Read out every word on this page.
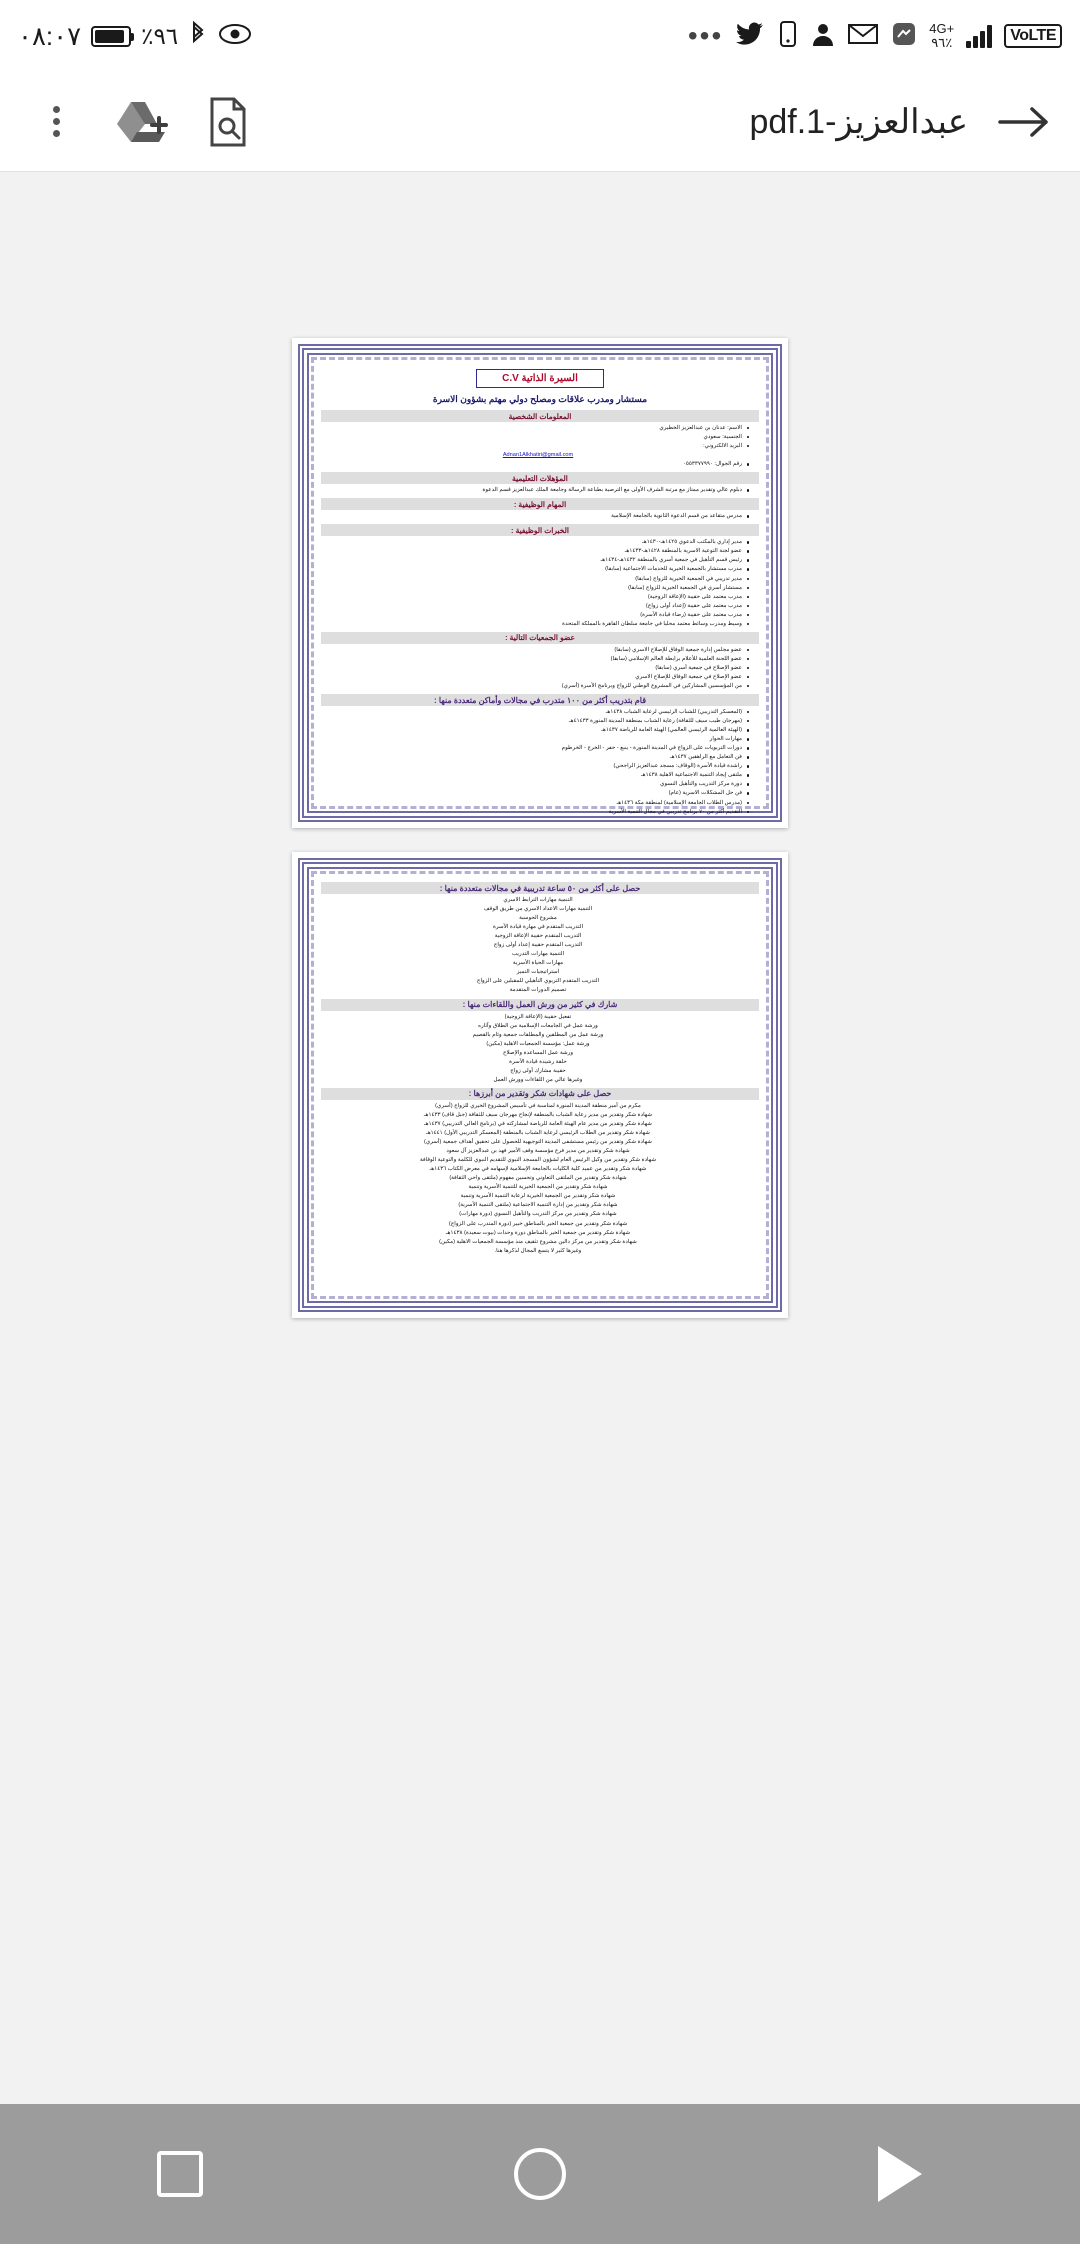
٠٨:٠٧	٪٩٦	•••	4G+
٩٦٪	VoLTE
عبدالعزيز-1.pdf
السيرة الذاتية C.V
مستشار ومدرب علاقات ومصلح دولي مهتم بشؤون الاسرة
المعلومات الشخصية
الاسم: عدنان بن عبدالعزيز الخطيري
الجنسية: سعودي
البريد الالكتروني:
Adnan1Alkhatiri@gmail.com
رقم الجوال: ٠٥٥٣٣٧٧٩٩٠
المؤهلات التعليمية
دبلوم عالي وتقدير ممتاز مع مرتبة الشرف الأولى مع الترصية بطباعة الرسالة وجامعة الملك عبدالعزيز قسم الدعوة
المهام الوظيفية :
مدرس متقاعد من قسم الدعوة الثانوية بالجامعة الإسلامية
الخبرات الوظيفية :
مدير إداري بالمكتب الدعوي ١٤٢٥هـ-١٤٣٠هـ
عضو لجنة التوعية الاسرية بالمنطقة ١٤٢٨هـ-١٤٣٣هـ
رئيس قسم التأهيل في جمعية أسري بالمنطقة ١٤٣٢هـ-١٤٣٤هـ
مدرب مستشار بالجمعية الخيرية للخدمات الاجتماعية (سابقا)
مدير تدريبي في الجمعية الخيرية للزواج (سابقا)
مستشار أسري في الجمعية الخيرية للزواج (سابقا)
مدرب معتمد على حقيبة (الإعاقة الزوجية)
مدرب معتمد على حقيبة (إعداد أولى زواج)
مدرب معتمد على حقيبة (رضاء قيادة الأسرة)
وسيط ومدرب وسائط معتمد محليا في جامعة سلطان القاهرة بالمملكة المتحدة
عضو الجمعيات التالية :
عضو مجلس إدارة جمعية الوفاق للإصلاح الاسري (سابقا)
عضو اللجنة العلمية للأعلام برابطة العالم الإسلامي (سابقا)
عضو الإصلاح في جمعية أسري (سابقا)
عضو الإصلاح في جمعية الوفاق للإصلاح الاسري
من المؤسسين المشاركين في المشروع الوطني للزواج وبرنامج الأسرة (أسري)
قام بتدريب أكثر من ١٠٠ متدرب في مجالات وأماكن متعددة منها :
(المعسكر التدريبي) للشباب الرئيسي لرعاية الشباب ١٤٣٨هـ
(مهرجان طيب سيف للثقافة) رعاية الشباب بمنطقة المدينة المنورة ٤١٤٣٣هـ
(الهيئة العالمية الرئيسي العالمي) الهيئة العامة للرياضة ١٤٣٧هـ
مهارات الحوار
دورات التربويات على الزواج في المدينة المنورة - ينبع - حفر - الخرج - الخرطوم
فن التعامل مع الراهقين ١٤٣٧هـ
راشدة قيادة الأسرة (الوقاف: مسجد عبدالعزيز الراجحي)
ملتقى إيجاد التنمية الاجتماعية الاهلية ١٤٣٨هـ
دورة مركز التدريب والتأهيل النسوي
فن حل المشكلات الاسرية (عام)
(مدرس الطلاب الجامعة الإسلامية) لمنطقة مكة ١٤٣٦هـ
التقديم أكثر من ٧٠ برنامج تدريبي في مجال التنمية الأسرية
حصل على أكثر من ٥٠ ساعة تدريبية في مجالات متعددة منها :
التنمية مهارات الترابط الاسري
التنمية مهارات الاعداد الاسري من طريق الوقف
مشروع الحوسبة
التدريب المتقدم في مهارة قيادة الأسرة
التدريب المتقدم حقيبة الإعاقة الزوجية
التدريب المتقدم حقيبة إعداد أولى زواج
التنمية مهارات التدريب
مهارات الحياة الأسرية
استراتيجيات التميز
التدريب المتقدم التربوي التأهيلي للمقبلين على الزواج
تصميم الدورات المتقدمة
شارك في كثير من ورش العمل واللقاءات منها :
تفعيل حقيبة (الإعاقة الزوجية)
ورشة عمل في الجامعات الإسلامية من الطلاق وآثاره
ورشة عمل من المطلقين والمطلقات جمعية وئام بالقصيم
ورشة عمل: مؤسسة الجمعيات الاهلية (مكين)
ورشة عمل المساعدة والإصلاح
حلقة رشيدة قيادة الأسرة
حقيبة مشارك أولى زواج
وغيرها عالي من اللقاءات وورش العمل
حصل على شهادات شكر وتقدير من أبرزها :
مكرم من أمير منطقة المدينة المنورة لمناسبة في تأسيس المشروع الخيري للزواج (أسري)
شهادة شكر وتقدير من مدير رعاية الشباب بالمنطقة لإنجاح مهرجان سيف للثقافة (جبل قاف) ١٤٣٣هـ
شهادة شكر وتقدير من مدير عام الهيئة العامة للرياضة لمشاركته في (برنامج العالي التدريبي) ١٤٣٧هـ
شهادة شكر وتقدير من الطلاب الرئيسي لرعاية الشباب بالمنطقة (المعسكر التدريبي الأول) ١٤٤١هـ
شهادة شكر وتقدير من رئيس مستشفى المدينة التوجيهية للحصول على تحقيق أهداف جمعية (أسري)
شهادة شكر وتقدير من مدير فرع مؤسسة وقف الأمير فهد بن عبدالعزيز آل سعود
شهادة شكر وتقدير من وكيل الرئيس العام لشؤون المسجد النبوي للتقديم النبوي للكلمة والتوعية الوقافة
شهادة شكر وتقدير من عميد كلية الكليات بالجامعة الإسلامية لإسهامه في معرض الكتاب ١٤٣٦هـ
شهادة شكر وتقدير من الملتقى التعاوني وتحسين مفهوم (ملتقى واحي الثقافة)
شهادة شكر وتقدير من الجمعية الخيرية للتنمية الأسرية وتنمية
شهادة شكر وتقدير من الجمعية الخيرية لرعاية التنمية الأسرية وتنمية
شهادة شكر وتقدير من إدارة التنمية الاجتماعية (ملتقى التنمية الأسرية)
شهادة شكر وتقدير من مركز التدريب والتأهيل النسوي (دورة مهارات)
شهادة شكر وتقدير من جمعية الخير بالمناطق خبير (دورة المتدرب على الزواج)
شهادة شكر وتقدير من جمعية الخير بالمناطق دورة وحدات (بيوت سعيدة) ١٤٣٨هـ
شهادة شكر وتقدير من مركز دالين مشروع تثقيف منذ مؤسسة الجمعيات الاهلية (مكين)
وغيرها كثير لا يتسع المجال لذكرها هنا.
